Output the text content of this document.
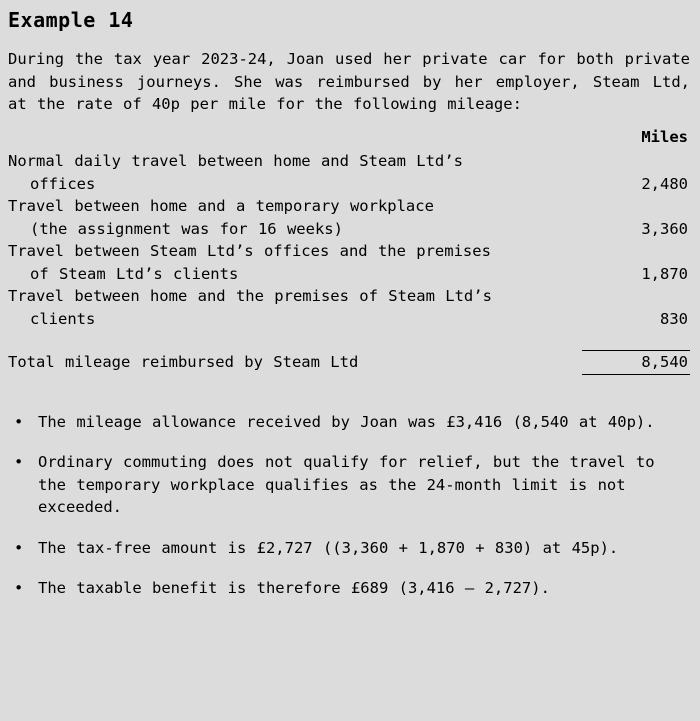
Example 14

During the tax year 2023-24, Joan used her private car for both private and business journeys. She was reimbursed by her employer, Steam Ltd, at the rate of 40p per mile for the following mileage:

	Miles

Normal daily travel between home and Steam Ltd’s
offices	2,480

Travel between home and a temporary workplace
(the assignment was for 16 weeks)	3,360

Travel between Steam Ltd’s offices and the premises
of Steam Ltd’s clients	1,870

Travel between home and the premises of Steam Ltd’s
clients	830

Total mileage reimbursed by Steam Ltd	8,540

• The mileage allowance received by Joan was £3,416 (8,540 at 40p).
• Ordinary commuting does not qualify for relief, but the travel to the temporary workplace qualifies as the 24-month limit is not exceeded.
• The tax-free amount is £2,727 ((3,360 + 1,870 + 830) at 45p).
• The taxable benefit is therefore £689 (3,416 – 2,727).
